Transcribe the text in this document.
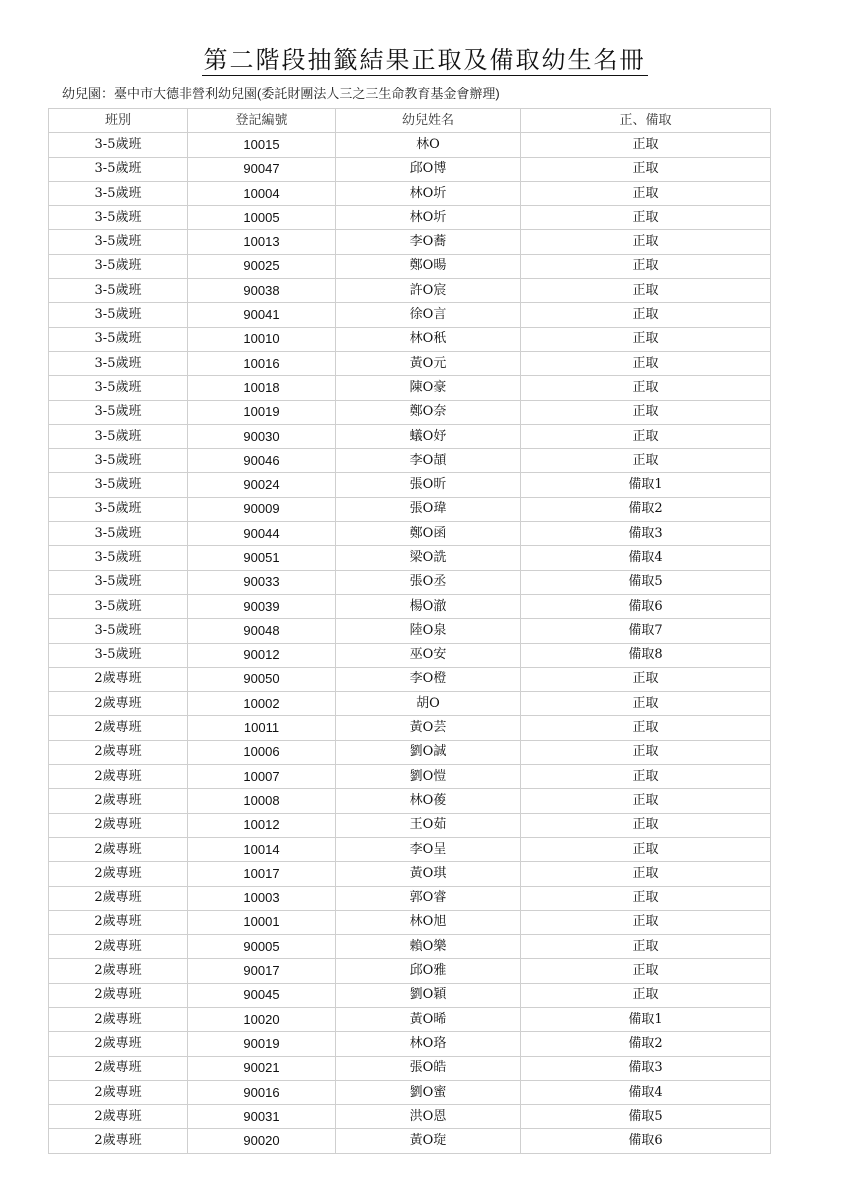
第二階段抽籤結果正取及備取幼生名冊
幼兒園：臺中市大德非營利幼兒園(委託財團法人三之三生命教育基金會辦理)
班別	登記編號	幼兒姓名	正、備取
3-5歲班	10015	林O	正取
3-5歲班	90047	邱O博	正取
3-5歲班	10004	林O圻	正取
3-5歲班	10005	林O圻	正取
3-5歲班	10013	李O蕎	正取
3-5歲班	90025	鄭O暘	正取
3-5歲班	90038	許O宸	正取
3-5歲班	90041	徐O言	正取
3-5歲班	10010	林O秖	正取
3-5歲班	10016	黃O元	正取
3-5歲班	10018	陳O豪	正取
3-5歲班	10019	鄭O奈	正取
3-5歲班	90030	蟻O妤	正取
3-5歲班	90046	李O頡	正取
3-5歲班	90024	張O昕	備取1
3-5歲班	90009	張O瑋	備取2
3-5歲班	90044	鄭O函	備取3
3-5歲班	90051	梁O詵	備取4
3-5歲班	90033	張O丞	備取5
3-5歲班	90039	楊O澈	備取6
3-5歲班	90048	陸O泉	備取7
3-5歲班	90012	巫O安	備取8
2歲專班	90050	李O橙	正取
2歲專班	10002	胡O	正取
2歲專班	10011	黃O芸	正取
2歲專班	10006	劉O誠	正取
2歲專班	10007	劉O愷	正取
2歲專班	10008	林O葰	正取
2歲專班	10012	王O茹	正取
2歲專班	10014	李O呈	正取
2歲專班	10017	黃O琪	正取
2歲專班	10003	郭O睿	正取
2歲專班	10001	林O旭	正取
2歲專班	90005	賴O樂	正取
2歲專班	90017	邱O雅	正取
2歲專班	90045	劉O穎	正取
2歲專班	10020	黃O晞	備取1
2歲專班	90019	林O珞	備取2
2歲專班	90021	張O皓	備取3
2歲專班	90016	劉O蜜	備取4
2歲專班	90031	洪O恩	備取5
2歲專班	90020	黃O琁	備取6
